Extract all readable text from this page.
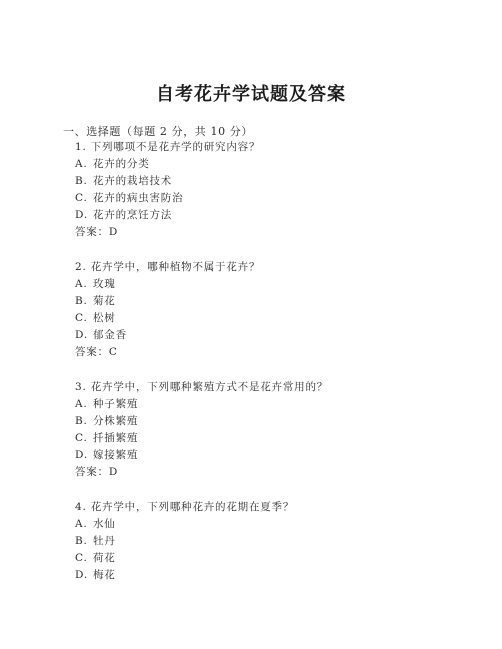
自考花卉学试题及答案
一、选择题（每题 2 分，共 10 分）
1. 下列哪项不是花卉学的研究内容？
A. 花卉的分类
B. 花卉的栽培技术
C. 花卉的病虫害防治
D. 花卉的烹饪方法
答案：D
2. 花卉学中，哪种植物不属于花卉？
A. 玫瑰
B. 菊花
C. 松树
D. 郁金香
答案：C
3. 花卉学中，下列哪种繁殖方式不是花卉常用的？
A. 种子繁殖
B. 分株繁殖
C. 扦插繁殖
D. 嫁接繁殖
答案：D
4. 花卉学中，下列哪种花卉的花期在夏季？
A. 水仙
B. 牡丹
C. 荷花
D. 梅花
